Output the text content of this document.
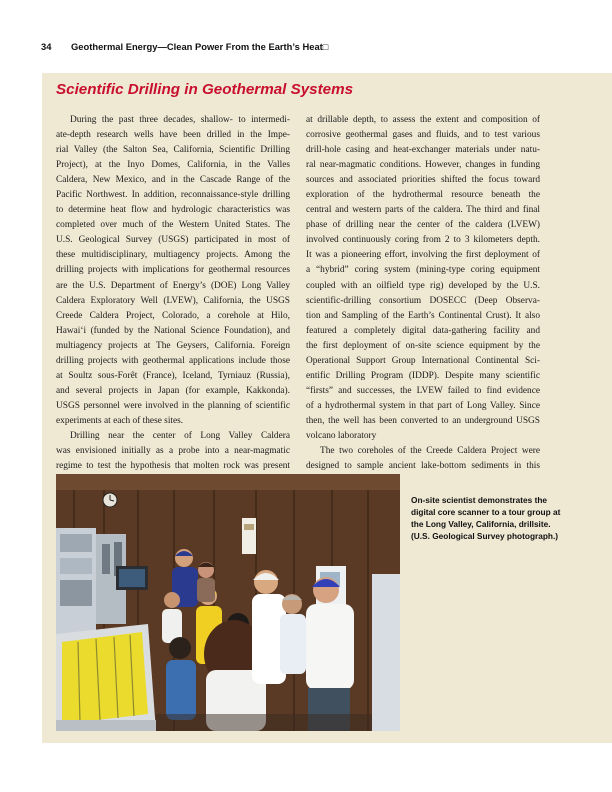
34 Geothermal Energy—Clean Power From the Earth’s Heat□
Scientific Drilling in Geothermal Systems
During the past three decades, shallow- to intermedi-
ate-depth research wells have been drilled in the Impe-
rial Valley (the Salton Sea, California, Scientific Drilling
Project), at the Inyo Domes, California, in the Valles
Caldera, New Mexico, and in the Cascade Range of the
Pacific Northwest. In addition, reconnaissance-style drilling
to determine heat flow and hydrologic characteristics was
completed over much of the Western United States. The
U.S. Geological Survey (USGS) participated in most of
these multidisciplinary, multiagency projects. Among the
drilling projects with implications for geothermal resources
are the U.S. Department of Energy’s (DOE) Long Valley
Caldera Exploratory Well (LVEW), California, the USGS
Creede Caldera Project, Colorado, a corehole at Hilo,
Hawai‘i (funded by the National Science Foundation), and
multiagency projects at The Geysers, California. Foreign
drilling projects with geothermal applications include those
at Soultz sous-Forêt (France), Iceland, Tyrniauz (Russia),
and several projects in Japan (for example, Kakkonda).
USGS personnel were involved in the planning of scientific
experiments at each of these sites.
Drilling near the center of Long Valley Caldera
was envisioned initially as a probe into a near-magmatic
regime to test the hypothesis that molten rock was present
at drillable depth, to assess the extent and composition of
corrosive geothermal gases and fluids, and to test various
drill-hole casing and heat-exchanger materials under natu-
ral near-magmatic conditions. However, changes in funding
sources and associated priorities shifted the focus toward
exploration of the hydrothermal resource beneath the
central and western parts of the caldera. The third and final
phase of drilling near the center of the caldera (LVEW)
involved continuously coring from 2 to 3 kilometers depth.
It was a pioneering effort, involving the first deployment of
a “hybrid” coring system (mining-type coring equipment
coupled with an oilfield type rig) developed by the U.S.
scientific-drilling consortium DOSECC (Deep Observa-
tion and Sampling of the Earth’s Continental Crust). It also
featured a completely digital data-gathering facility and
the first deployment of on-site science equipment by the
Operational Support Group International Continental Sci-
entific Drilling Program (IDDP). Despite many scientific
“firsts” and successes, the LVEW failed to find evidence
of a hydrothermal system in that part of Long Valley. Since
then, the well has been converted to an underground USGS
volcano laboratory
The two coreholes of the Creede Caldera Project were
designed to sample ancient lake-bottom sediments in this
On-site scientist demonstrates the digital core scanner to a tour group at the Long Valley, California, drillsite. (U.S. Geological Survey photograph.)
